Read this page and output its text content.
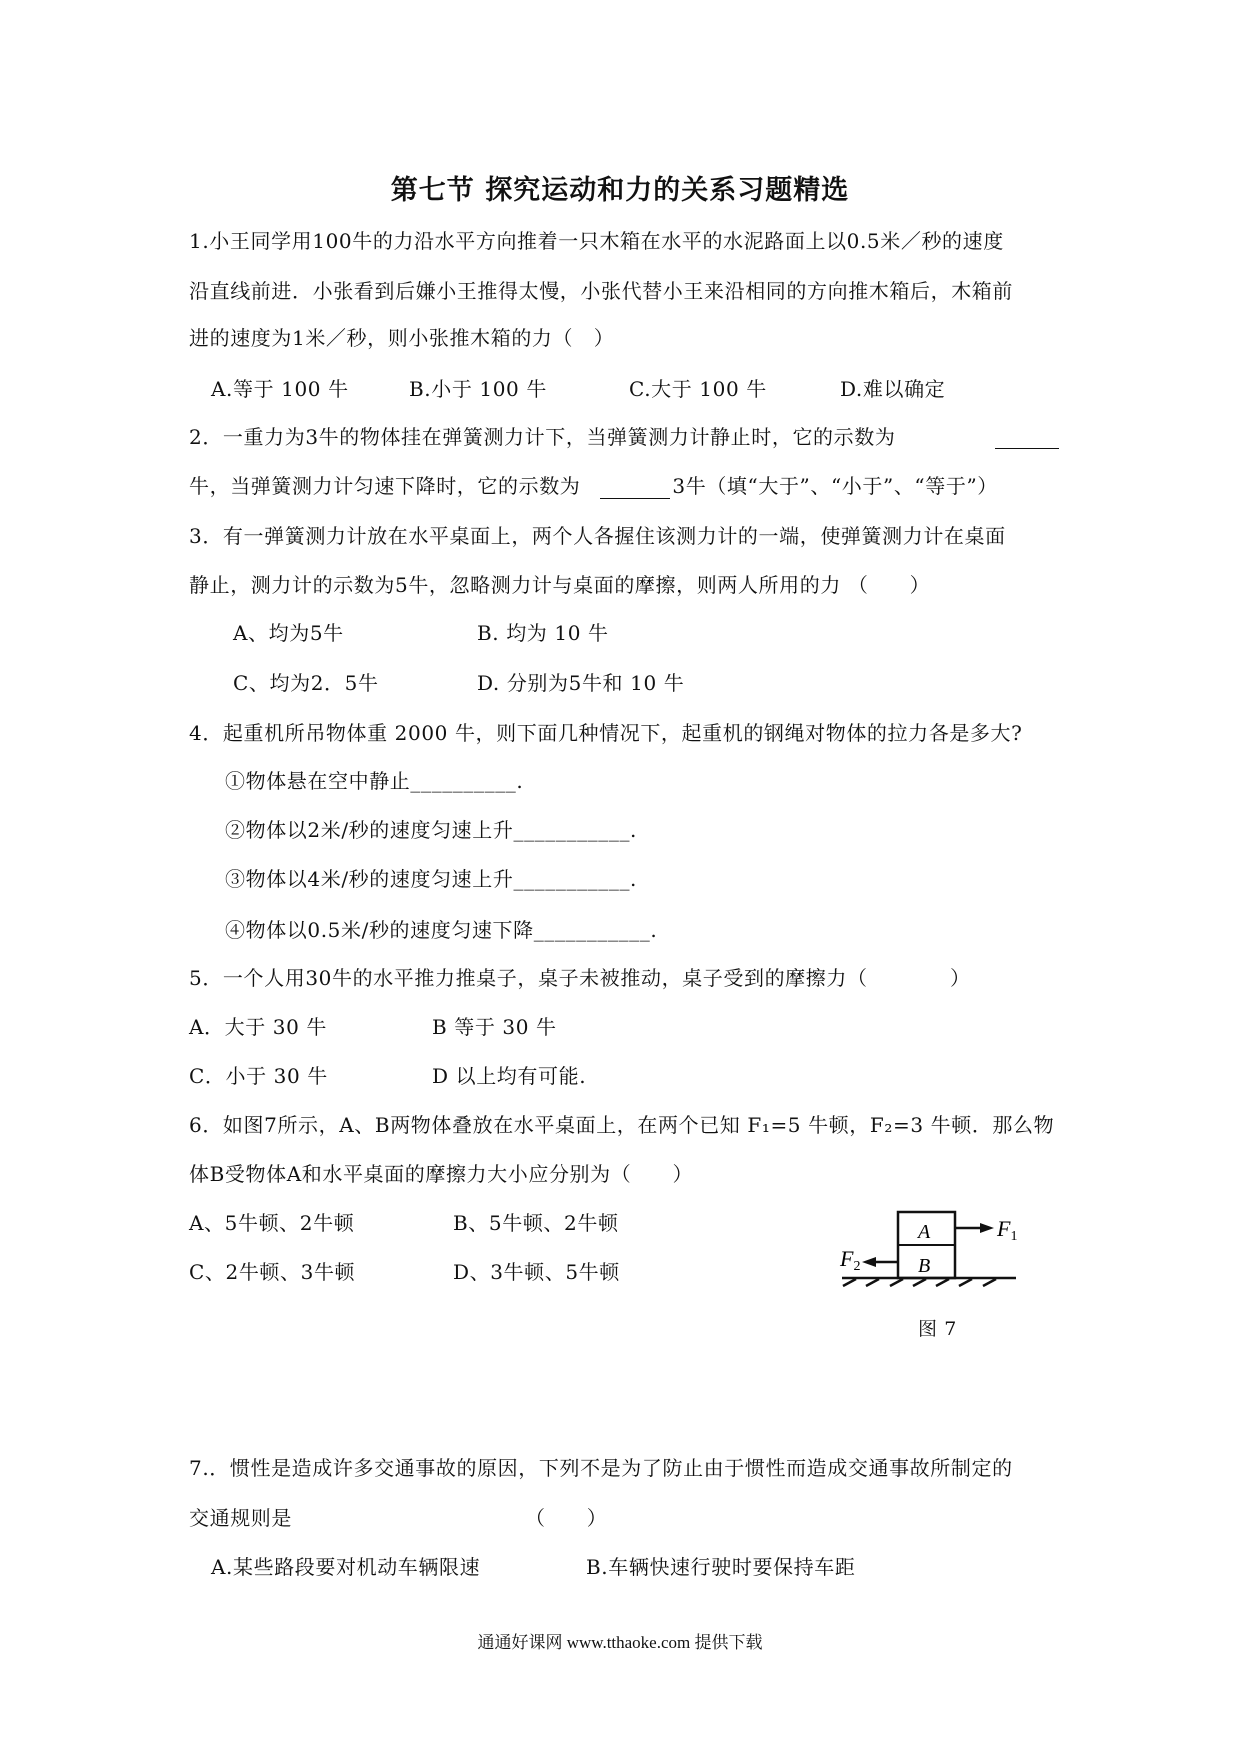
第七节 探究运动和力的关系习题精选
1.小王同学用100牛的力沿水平方向推着一只木箱在水平的水泥路面上以0.5米／秒的速度
沿直线前进．小张看到后嫌小王推得太慢，小张代替小王来沿相同的方向推木箱后，木箱前
进的速度为1米／秒，则小张推木箱的力（　）
A.等于 100 牛	B.小于 100 牛	C.大于 100 牛	D.难以确定
2．一重力为3牛的物体挂在弹簧测力计下，当弹簧测力计静止时，它的示数为
牛，当弹簧测力计匀速下降时，它的示数为	3牛（填“大于”、“小于”、“等于”）
3．有一弹簧测力计放在水平桌面上，两个人各握住该测力计的一端，使弹簧测力计在桌面
静止，测力计的示数为5牛，忽略测力计与桌面的摩擦，则两人所用的力 （　　）
A、均为5牛	B. 均为 10 牛
C、均为2．5牛	D. 分别为5牛和 10 牛
4．起重机所吊物体重 2000 牛，则下面几种情况下，起重机的钢绳对物体的拉力各是多大?
①物体悬在空中静止__________.
②物体以2米/秒的速度匀速上升___________.
③物体以4米/秒的速度匀速上升___________.
④物体以0.5米/秒的速度匀速下降___________.
5．一个人用30牛的水平推力推桌子，桌子未被推动，桌子受到的摩擦力（　　　　）
A．大于 30 牛	B 等于 30 牛
C．小于 30 牛	D 以上均有可能.
6．如图7所示，A、B两物体叠放在水平桌面上，在两个已知 F₁=5 牛顿，F₂=3 牛顿．那么物
体B受物体A和水平桌面的摩擦力大小应分别为（　　）
A、5牛顿、2牛顿	B、5牛顿、2牛顿
C、2牛顿、3牛顿	D、3牛顿、5牛顿
A
B
F1
F2
图 7
7.．惯性是造成许多交通事故的原因，下列不是为了防止由于惯性而造成交通事故所制定的
交通规则是	（　　）
A.某些路段要对机动车辆限速	B.车辆快速行驶时要保持车距
通通好课网 www.tthaoke.com 提供下载
